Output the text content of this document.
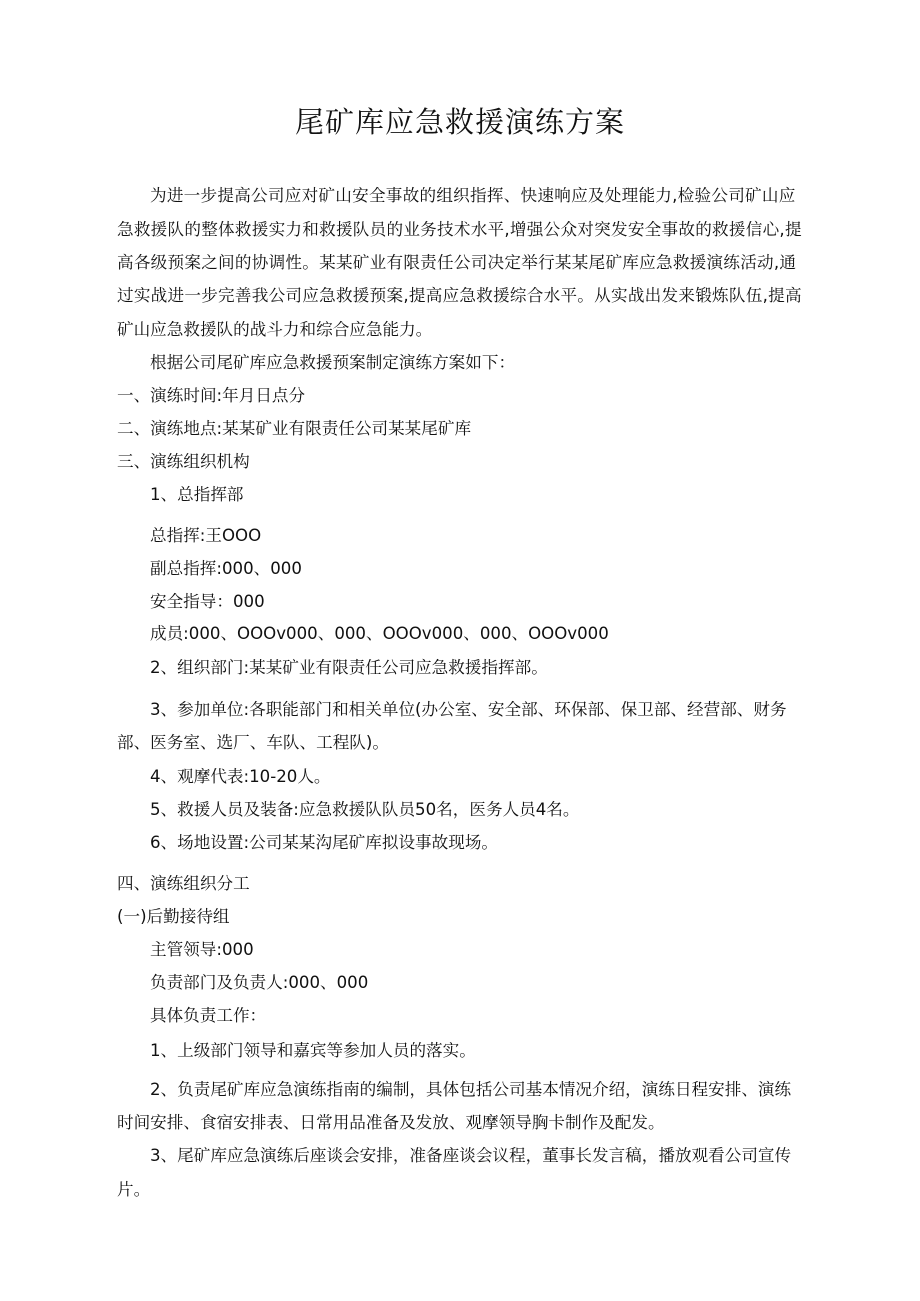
尾矿库应急救援演练方案

为进一步提高公司应对矿山安全事故的组织指挥、快速响应及处理能力,检验公司矿山应

急救援队的整体救援实力和救援队员的业务技术水平,增强公众对突发安全事故的救援信心,提

高各级预案之间的协调性。某某矿业有限责任公司决定举行某某尾矿库应急救援演练活动,通

过实战进一步完善我公司应急救援预案,提高应急救援综合水平。从实战出发来锻炼队伍,提高

矿山应急救援队的战斗力和综合应急能力。

根据公司尾矿库应急救援预案制定演练方案如下：

一、演练时间:年月日点分

二、演练地点:某某矿业有限责任公司某某尾矿库

三、演练组织机构

1、总指挥部

总指挥:王OOO

副总指挥:000、000

安全指导：000

成员:000、OOOv000、000、OOOv000、000、OOOv000

2、组织部门:某某矿业有限责任公司应急救援指挥部。

3、参加单位:各职能部门和相关单位(办公室、安全部、环保部、保卫部、经营部、财务

部、医务室、选厂、车队、工程队)。

4、观摩代表:10-20人。

5、救援人员及装备:应急救援队队员50名，医务人员4名。

6、场地设置:公司某某沟尾矿库拟设事故现场。

四、演练组织分工

(一)后勤接待组

主管领导:000

负责部门及负责人:000、000

具体负责工作：

1、上级部门领导和嘉宾等参加人员的落实。

2、负责尾矿库应急演练指南的编制，具体包括公司基本情况介绍，演练日程安排、演练

时间安排、食宿安排表、日常用品准备及发放、观摩领导胸卡制作及配发。

3、尾矿库应急演练后座谈会安排，准备座谈会议程，董事长发言稿，播放观看公司宣传

片。
